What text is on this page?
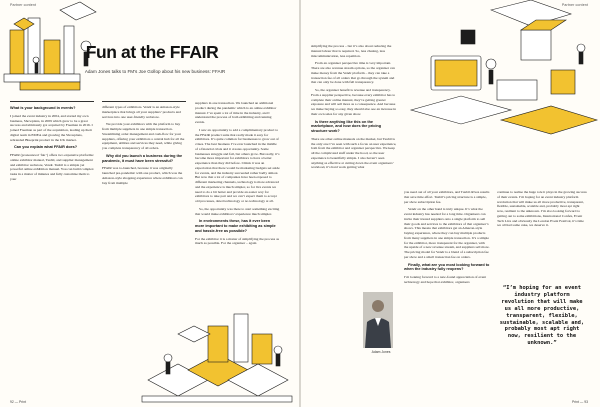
Partner content
Fun at the FFAIR
Adam Jones talks to FM’s Joe Gollop about his new business: FFAIR

What is your background in events?

I joined the event industry in 2004, and started my own business, Showplans, in 2009 which grew to be a great success and ultimately got acquired by Freeman in 2016. I joined Freeman as part of the acquisition, leading up their digital team in EMEA and growing the Showplans, rebranded Blueprint product in the UK market.

Can you explain what FFAIR does?

FFAIR (pronounced ‘fair’) offers two expansive platforms: online exhibitor manual, Tusbil, and supplier management and exhibitor webstore, Vendr. Tusbil is a simple yet powerful online exhibition manual. You can build complex tasks in a matter of minutes and fully customise them to your

different types of exhibitors. Vendr is an Amazon-style marketplace that brings all your suppliers’ products and services into one user-friendly webstore.

We provide your exhibitors with the platform to buy from multiple suppliers in one simple transaction. Streamlining order management and cash-flow for your suppliers, offering your exhibitors a central hub for all the equipment, utilities and services they need, while giving you complete transparency of all orders.

Why did you launch a business during the pandemic, it must have been stressful?

FFAIR was to-launched, because it was originally launched pre-pandemic with one product, which was the Amazon-style shopping experience where exhibitors can buy from multiple

suppliers in one transaction. We launched an additional product during the pandemic which is an online exhibitor manual. I’ve spent a lot of time in the industry, and I understand the process of both exhibiting and running events.

I saw an opportunity to add a complimentary product to the FFAIR product suite that really made it easy for exhibitors. It’s quite common for businesses to grow out of crises. The best business I’ve ever launched in the middle of a financial crisis and it creates opportunity. Some businesses struggle and fail, but others grow. But really, it’s become more important for exhibitors to have a better experience than they did before. I think it was an expectation that there would be marketing budgets set aside for events, and the industry succeeded rather badly almost. But now that a lot of companies have been exposed to different marketing channels, technology is more advanced and the experience is much simpler, so for live events we need to do a bit better and provide an easier way for exhibitors to take part and we can’t expect them to accept old processes, dated technology or no technology at all.

So, the opportunity was there to start something exciting that would make exhibitors’ experience much simpler.

In environments these, has it ever been more important to make exhibiting as simple and hassle-free as possible?

For the exhibitor it is a matter of simplifying the process as much as possible. For the organiser – again

92 — Print
Partner content

simplifying the process – but it’s also about reducing the manual labour that is required. So, less chasing, less miscommunication, less repetition.

From an organiser perspective time is very important. There are also revenue stream options, so the organiser can make money from the Vendr platform – they can take a transaction fee of all orders that go through the system and that can only be done with full transparency.

So, the organiser benefit is revenue and transparency. From a supplier perspective, because every exhibitor has to complete their online manual, they’re getting greater exposure and will sell more as a consequence. And because we make buying so easy, they should also see an increase in their own sales for any given show.

Is there anything like this on the marketplace, and how does the pricing structure work?

There are other online manuals on the market, but Tusbil is the only one I’ve seen with such a focus on user experience, both from the exhibitor and organiser perspective. We keep all the complicated stuff under the hood, so the user experience is beautifully simple. I also haven’t seen anything as effective at cutting down the event organisers’ workload, it’s hard work getting what

you need out of all your exhibitors, and Tusbil drives results that save time effort. Tusbil’s pricing structure is a simple, per show subscription fee.

Vendr on the other hand is truly unique. It’s what the event industry has needed for a long time. Organisers can invite their trusted suppliers onto a single platform to sell their goods and services to the exhibitors of that organiser’s shows. This means that exhibitors get an Amazon-style buying experience, where they can buy multiple products from many suppliers in one simple transaction. It’s a simple for the exhibitor, more transparent for the organiser, with the upside of a new revenue stream, and suppliers sell more. The pricing model for Vendr is a blend of a subscription fee per show and a small transaction fee on orders.

Finally, what are you most looking forward to when the industry fully reopens?

I’m looking forward to a new-found appreciation of event technology and hope that exhibitor, organisers

continue to realise the huge role it plays in the growing success of their events. I’m hoping for an event industry platform revolution that will make us all more productive, transparent, flexible, sustainable, scalable and, probably most apt right now, resilient to the unknown. I’m also looking forward to getting out to some exhibitions, International Confex, Event Tech Live and obviously the London Event Festival, it’s time we all had some cake, we deserve it.

Adam Jones
“I’m hoping for an event industry platform revolution that will make us all more productive, transparent, flexible, sustainable, scalable and, probably most apt right now, resilient to the unknown.”
Print — 93
